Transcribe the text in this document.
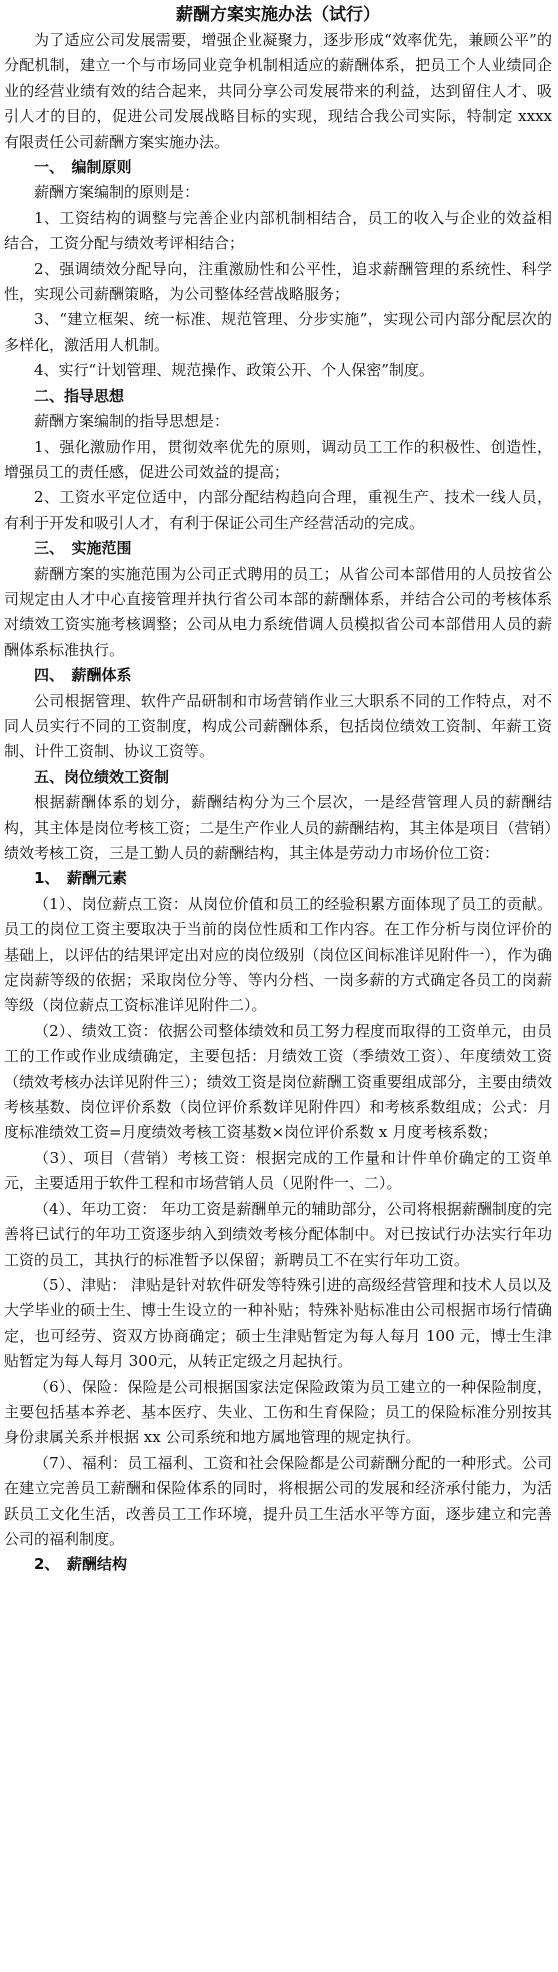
薪酬方案实施办法（试行）

为了适应公司发展需要，增强企业凝聚力，逐步形成“效率优先，兼顾公平”的分配机制，建立一个与市场同业竞争机制相适应的薪酬体系，把员工个人业绩同企业的经营业绩有效的结合起来，共同分享公司发展带来的利益，达到留住人才、吸引人才的目的，促进公司发展战略目标的实现，现结合我公司实际，特制定 xxxx 有限责任公司薪酬方案实施办法。

一、　编制原则

薪酬方案编制的原则是：

1、工资结构的调整与完善企业内部机制相结合，员工的收入与企业的效益相结合，工资分配与绩效考评相结合；

2、强调绩效分配导向，注重激励性和公平性，追求薪酬管理的系统性、科学性，实现公司薪酬策略，为公司整体经营战略服务；

3、“建立框架、统一标准、规范管理、分步实施”，实现公司内部分配层次的多样化，激活用人机制。

4、实行“计划管理、规范操作、政策公开、个人保密”制度。

二、指导思想

薪酬方案编制的指导思想是：

1、强化激励作用，贯彻效率优先的原则，调动员工工作的积极性、创造性，增强员工的责任感，促进公司效益的提高；

2、工资水平定位适中，内部分配结构趋向合理，重视生产、技术一线人员，有利于开发和吸引人才，有利于保证公司生产经营活动的完成。

三、　实施范围

薪酬方案的实施范围为公司正式聘用的员工；从省公司本部借用的人员按省公司规定由人才中心直接管理并执行省公司本部的薪酬体系，并结合公司的考核体系对绩效工资实施考核调整；公司从电力系统借调人员模拟省公司本部借用人员的薪酬体系标准执行。

四、　薪酬体系

公司根据管理、软件产品研制和市场营销作业三大职系不同的工作特点，对不同人员实行不同的工资制度，构成公司薪酬体系，包括岗位绩效工资制、年薪工资制、计件工资制、协议工资等。

五、岗位绩效工资制

根据薪酬体系的划分，薪酬结构分为三个层次，一是经营管理人员的薪酬结构，其主体是岗位考核工资；二是生产作业人员的薪酬结构，其主体是项目（营销）绩效考核工资，三是工勤人员的薪酬结构，其主体是劳动力市场价位工资：

1、　薪酬元素

（1）、岗位薪点工资：从岗位价值和员工的经验积累方面体现了员工的贡献。员工的岗位工资主要取决于当前的岗位性质和工作内容。在工作分析与岗位评价的基础上，以评估的结果评定出对应的岗位级别（岗位区间标准详见附件一），作为确定岗薪等级的依据；采取岗位分等、等内分档、一岗多薪的方式确定各员工的岗薪等级（岗位薪点工资标准详见附件二）。

（2）、绩效工资：依据公司整体绩效和员工努力程度而取得的工资单元，由员工的工作或作业成绩确定，主要包括：月绩效工资（季绩效工资）、年度绩效工资（绩效考核办法详见附件三）；绩效工资是岗位薪酬工资重要组成部分，主要由绩效考核基数、岗位评价系数（岗位评价系数详见附件四）和考核系数组成；公式：月度标准绩效工资=月度绩效考核工资基数×岗位评价系数 x 月度考核系数；

（3）、项目（营销）考核工资：根据完成的工作量和计件单价确定的工资单元，主要适用于软件工程和市场营销人员（见附件一、二）。

（4）、年功工资： 年功工资是薪酬单元的辅助部分，公司将根据薪酬制度的完善将已试行的年功工资逐步纳入到绩效考核分配体制中。对已按试行办法实行年功工资的员工，其执行的标准暂予以保留；新聘员工不在实行年功工资。

（5）、津贴： 津贴是针对软件研发等特殊引进的高级经营管理和技术人员以及大学毕业的硕士生、博士生设立的一种补贴；特殊补贴标准由公司根据市场行情确定，也可经劳、资双方协商确定；硕士生津贴暂定为每人每月 100 元，博士生津贴暂定为每人每月 300元，从转正定级之月起执行。

（6）、保险：保险是公司根据国家法定保险政策为员工建立的一种保险制度，主要包括基本养老、基本医疗、失业、工伤和生育保险；员工的保险标准分别按其身份隶属关系并根据 xx 公司系统和地方属地管理的规定执行。

（7）、福利：员工福利、工资和社会保险都是公司薪酬分配的一种形式。公司在建立完善员工薪酬和保险体系的同时，将根据公司的发展和经济承付能力，为活跃员工文化生活，改善员工工作环境，提升员工生活水平等方面，逐步建立和完善公司的福利制度。

2、　薪酬结构
